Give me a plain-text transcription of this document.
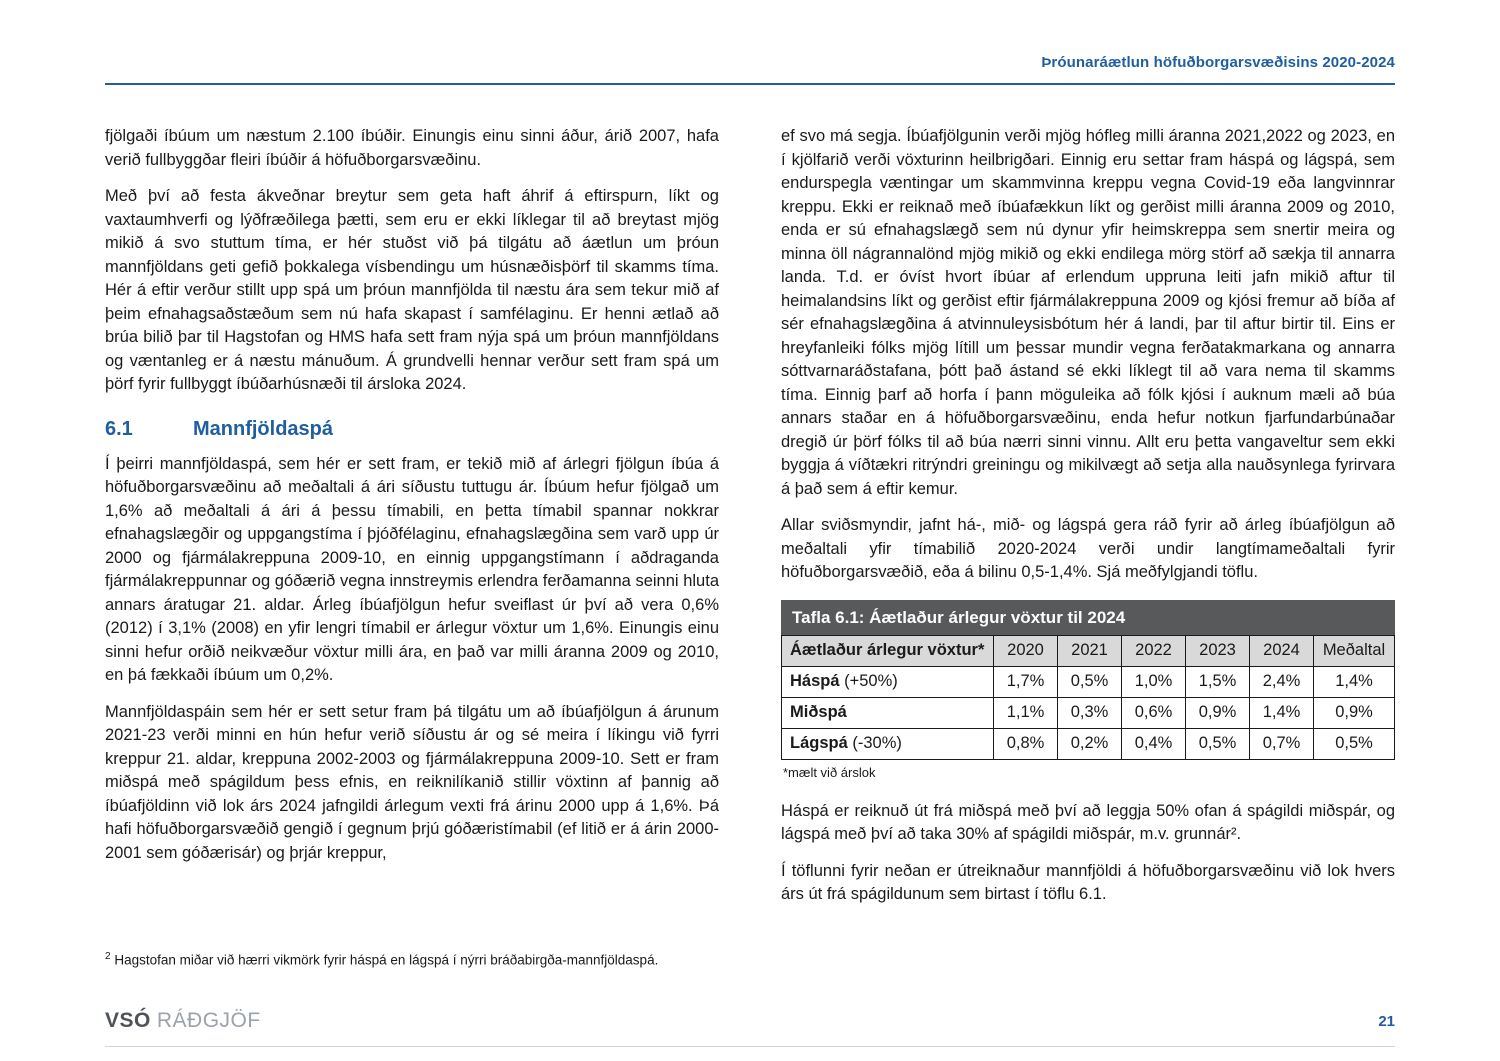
Þróunaráætlun höfuðborgarsvæðisins 2020-2024

fjölgaði íbúum um næstum 2.100 íbúðir. Einungis einu sinni áður, árið 2007, hafa verið fullbyggðar fleiri íbúðir á höfuðborgarsvæðinu.

Með því að festa ákveðnar breytur sem geta haft áhrif á eftirspurn, líkt og vaxtaumhverfi og lýðfræðilega þætti, sem eru er ekki líklegar til að breytast mjög mikið á svo stuttum tíma, er hér stuðst við þá tilgátu að áætlun um þróun mannfjöldans geti gefið þokkalega vísbendingu um húsnæðisþörf til skamms tíma. Hér á eftir verður stillt upp spá um þróun mannfjölda til næstu ára sem tekur mið af þeim efnahagsaðstæðum sem nú hafa skapast í samfélaginu. Er henni ætlað að brúa bilið þar til Hagstofan og HMS hafa sett fram nýja spá um þróun mannfjöldans og væntanleg er á næstu mánuðum. Á grundvelli hennar verður sett fram spá um þörf fyrir fullbyggt íbúðarhúsnæði til ársloka 2024.

6.1	Mannfjöldaspá

Í þeirri mannfjöldaspá, sem hér er sett fram, er tekið mið af árlegri fjölgun íbúa á höfuðborgarsvæðinu að meðaltali á ári síðustu tuttugu ár. Íbúum hefur fjölgað um 1,6% að meðaltali á ári á þessu tímabili, en þetta tímabil spannar nokkrar efnahagslægðir og uppgangstíma í þjóðfélaginu, efnahagslægðina sem varð upp úr 2000 og fjármálakreppuna 2009-10, en einnig uppgangstímann í aðdraganda fjármálakreppunnar og góðærið vegna innstreymis erlendra ferðamanna seinni hluta annars áratugar 21. aldar. Árleg íbúafjölgun hefur sveiflast úr því að vera 0,6% (2012) í 3,1% (2008) en yfir lengri tímabil er árlegur vöxtur um 1,6%. Einungis einu sinni hefur orðið neikvæður vöxtur milli ára, en það var milli áranna 2009 og 2010, en þá fækkaði íbúum um 0,2%.

Mannfjöldaspáin sem hér er sett setur fram þá tilgátu um að íbúafjölgun á árunum 2021-23 verði minni en hún hefur verið síðustu ár og sé meira í líkingu við fyrri kreppur 21. aldar, kreppuna 2002-2003 og fjármálakreppuna 2009-10. Sett er fram miðspá með spágildum þess efnis, en reiknilíkanið stillir vöxtinn af þannig að íbúafjöldinn við lok árs 2024 jafngildi árlegum vexti frá árinu 2000 upp á 1,6%. Þá hafi höfuðborgarsvæðið gengið í gegnum þrjú góðæristímabil (ef litið er á árin 2000-2001 sem góðærisár) og þrjár kreppur,

$^2$ Hagstofan miðar við hærri vikmörk fyrir háspá en lágspá í nýrri bráðabirgða-mannfjöldaspá.

ef svo má segja. Íbúafjölgunin verði mjög hófleg milli áranna 2021,2022 og 2023, en í kjölfarið verði vöxturinn heilbrigðari. Einnig eru settar fram háspá og lágspá, sem endurspegla væntingar um skammvinna kreppu vegna Covid-19 eða langvinnrar kreppu. Ekki er reiknað með íbúafækkun líkt og gerðist milli áranna 2009 og 2010, enda er sú efnahagslægð sem nú dynur yfir heimskreppa sem snertir meira og minna öll nágrannalönd mjög mikið og ekki endilega mörg störf að sækja til annarra landa. T.d. er óvíst hvort íbúar af erlendum uppruna leiti jafn mikið aftur til heimalandsins líkt og gerðist eftir fjármálakreppuna 2009 og kjósi fremur að bíða af sér efnahagslægðina á atvinnuleysisbótum hér á landi, þar til aftur birtir til. Eins er hreyfanleiki fólks mjög lítill um þessar mundir vegna ferðatakmarkana og annarra sóttvarnaráðstafana, þótt það ástand sé ekki líklegt til að vara nema til skamms tíma. Einnig þarf að horfa í þann möguleika að fólk kjósi í auknum mæli að búa annars staðar en á höfuðborgarsvæðinu, enda hefur notkun fjarfundarbúnaðar dregið úr þörf fólks til að búa nærri sinni vinnu. Allt eru þetta vangaveltur sem ekki byggja á víðtækri ritrýndri greiningu og mikilvægt að setja alla nauðsynlega fyrirvara á það sem á eftir kemur.

Allar sviðsmyndir, jafnt há-, mið- og lágspá gera ráð fyrir að árleg íbúafjölgun að meðaltali yfir tímabilið 2020-2024 verði undir langtímameðaltali fyrir höfuðborgarsvæðið, eða á bilinu 0,5-1,4%. Sjá meðfylgjandi töflu.

Tafla 6.1: Áætlaður árlegur vöxtur til 2024
Áætlaður árlegur vöxtur*	2020	2021	2022	2023	2024	Meðaltal
Háspá (+50%)	1,7%	0,5%	1,0%	1,5%	2,4%	1,4%
Miðspá	1,1%	0,3%	0,6%	0,9%	1,4%	0,9%
Lágspá (-30%)	0,8%	0,2%	0,4%	0,5%	0,7%	0,5%
*mælt við árslok

Háspá er reiknuð út frá miðspá með því að leggja 50% ofan á spágildi miðspár, og lágspá með því að taka 30% af spágildi miðspár, m.v. grunnár².

Í töflunni fyrir neðan er útreiknaður mannfjöldi á höfuðborgarsvæðinu við lok hvers árs út frá spágildunum sem birtast í töflu 6.1.

VSÓ RÁÐGJÖF	21
